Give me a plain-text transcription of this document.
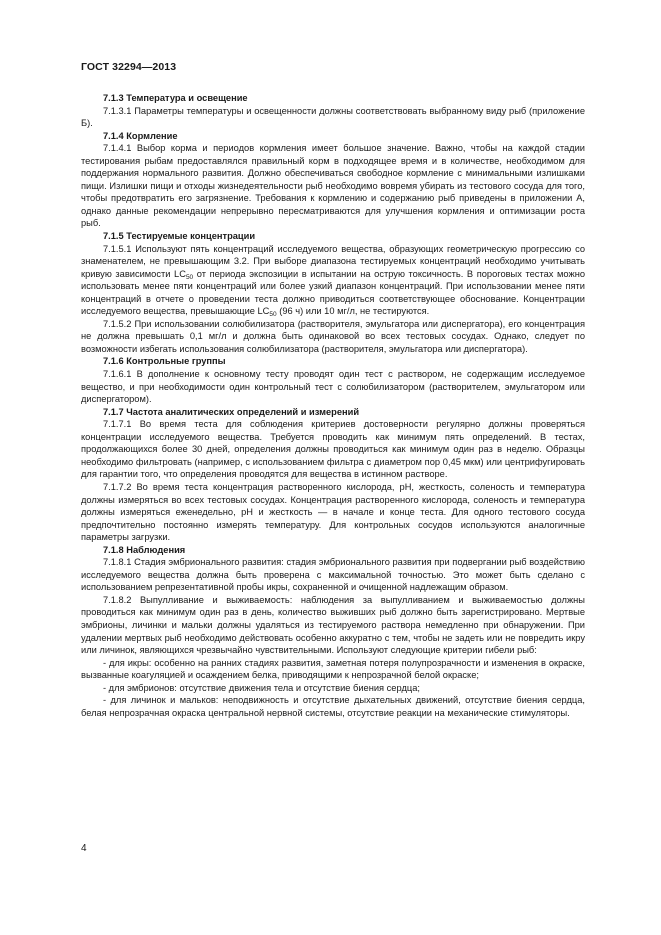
ГОСТ 32294—2013

7.1.3 Температура и освещение

7.1.3.1 Параметры температуры и освещенности должны соответствовать выбранному виду рыб (приложение Б).

7.1.4 Кормление

7.1.4.1 Выбор корма и периодов кормления имеет большое значение. Важно, чтобы на каждой стадии тестирования рыбам предоставлялся правильный корм в подходящее время и в количестве, необходимом для поддержания нормального развития. Должно обеспечиваться свободное кормление с минимальными излишками пищи. Излишки пищи и отходы жизнедеятельности рыб необходимо вовремя убирать из тестового сосуда для того, чтобы предотвратить его загрязнение. Требования к кормлению и содержанию рыб приведены в приложении А, однако данные рекомендации непрерывно пересматриваются для улучшения кормления и оптимизации роста рыб.

7.1.5 Тестируемые концентрации

7.1.5.1 Используют пять концентраций исследуемого вещества, образующих геометрическую прогрессию со знаменателем, не превышающим 3.2. При выборе диапазона тестируемых концентраций необходимо учитывать кривую зависимости $LC_{50}$ от периода экспозиции в испытании на острую токсичность. В пороговых тестах можно использовать менее пяти концентраций или более узкий диапазон концентраций. При использовании менее пяти концентраций в отчете о проведении теста должно приводиться соответствующее обоснование. Концентрации исследуемого вещества, превышающие $LC_{50}$ (96 ч) или 10 мг/л, не тестируются.

7.1.5.2 При использовании солюбилизатора (растворителя, эмульгатора или диспергатора), его концентрация не должна превышать 0,1 мг/л и должна быть одинаковой во всех тестовых сосудах. Однако, следует по возможности избегать использования солюбилизатора (растворителя, эмульгатора или диспергатора).

7.1.6 Контрольные группы

7.1.6.1 В дополнение к основному тесту проводят один тест с раствором, не содержащим исследуемое вещество, и при необходимости один контрольный тест с солюбилизатором (растворителем, эмульгатором или диспергатором).

7.1.7 Частота аналитических определений и измерений

7.1.7.1 Во время теста для соблюдения критериев достоверности регулярно должны проверяться концентрации исследуемого вещества. Требуется проводить как минимум пять определений. В тестах, продолжающихся более 30 дней, определения должны проводиться как минимум один раз в неделю. Образцы необходимо фильтровать (например, с использованием фильтра с диаметром пор 0,45 мкм) или центрифугировать для гарантии того, что определения проводятся для вещества в истинном растворе.

7.1.7.2 Во время теста концентрация растворенного кислорода, pH, жесткость, соленость и температура должны измеряться во всех тестовых сосудах. Концентрация растворенного кислорода, соленость и температура должны измеряться еженедельно, pH и жесткость — в начале и конце теста. Для одного тестового сосуда предпочтительно постоянно измерять температуру. Для контрольных сосудов используются аналогичные параметры загрузки.

7.1.8 Наблюдения

7.1.8.1 Стадия эмбрионального развития: стадия эмбрионального развития при подвергании рыб воздействию исследуемого вещества должна быть проверена с максимальной точностью. Это может быть сделано с использованием репрезентативной пробы икры, сохраненной и очищенной надлежащим образом.

7.1.8.2 Выпулливание и выживаемость: наблюдения за выпулливанием и выживаемостью должны проводиться как минимум один раз в день, количество выживших рыб должно быть зарегистрировано. Мертвые эмбрионы, личинки и мальки должны удаляться из тестируемого раствора немедленно при обнаружении. При удалении мертвых рыб необходимо действовать особенно аккуратно с тем, чтобы не задеть или не повредить икру или личинок, являющихся чрезвычайно чувствительными. Используют следующие критерии гибели рыб:

- для икры: особенно на ранних стадиях развития, заметная потеря полупрозрачности и изменения в окраске, вызванные коагуляцией и осаждением белка, приводящими к непрозрачной белой окраске;

- для эмбрионов: отсутствие движения тела и отсутствие биения сердца;

- для личинок и мальков: неподвижность и отсутствие дыхательных движений, отсутствие биения сердца, белая непрозрачная окраска центральной нервной системы, отсутствие реакции на механические стимуляторы.

4
